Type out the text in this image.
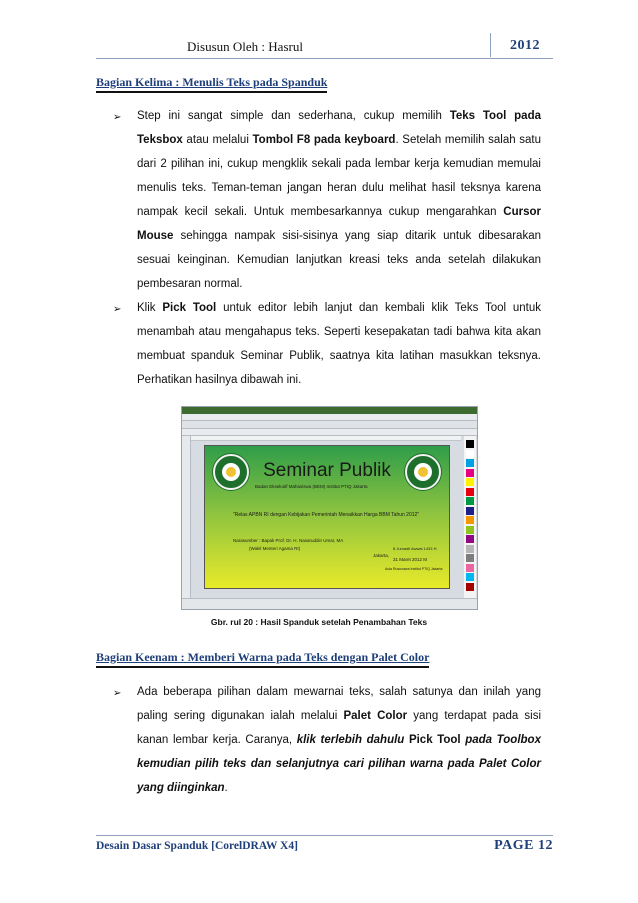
Disusun Oleh : Hasrul	2012
Bagian Kelima : Menulis Teks pada Spanduk
➢ Step ini sangat simple dan sederhana, cukup memilih Teks Tool pada
Teksbox atau melalui Tombol F8 pada keyboard. Setelah memilih salah satu
dari 2 pilihan ini, cukup mengklik sekali pada lembar kerja kemudian memulai
menulis teks. Teman-teman jangan heran dulu melihat hasil teksnya karena
nampak kecil sekali. Untuk membesarkannya cukup mengarahkan Cursor
Mouse sehingga nampak sisi-sisinya yang siap ditarik untuk dibesarakan
sesuai keinginan. Kemudian lanjutkan kreasi teks anda setelah dilakukan
pembesaran normal.
➢ Klik Pick Tool untuk editor lebih lanjut dan kembali klik Teks Tool untuk
menambah atau mengahapus teks. Seperti kesepakatan tadi bahwa kita akan
membuat spanduk Seminar Publik, saatnya kita latihan masukkan teksnya.
Perhatikan hasilnya dibawah ini.
Seminar Publik
Badan Eksekutif Mahasiswa (BEM) Institut PTIQ Jakarta
"Relas APBN RI dengan Kebijakan Pemerintah Menaikkan Harga BBM Tahun 2012"
Narasumber : Bapak Prof. Dr. H. Nasaruddin Umar, MA
(Wakil Menteri Agama RI)	8 Jumadil Awwal 1433 H
Jakarta,
31 Maret 2012 M
Aula Rusunawa Institut PTIQ Jakarta
Gbr. rul 20 : Hasil Spanduk setelah Penambahan Teks
Bagian Keenam : Memberi Warna pada Teks dengan Palet Color
➢ Ada beberapa pilihan dalam mewarnai teks, salah satunya dan inilah yang
paling sering digunakan ialah melalui Palet Color yang terdapat pada sisi
kanan lembar kerja. Caranya, klik terlebih dahulu Pick Tool pada Toolbox
kemudian pilih teks dan selanjutnya cari pilihan warna pada Palet Color
yang diinginkan.
Desain Dasar Spanduk [CorelDRAW X4]	PAGE 12
